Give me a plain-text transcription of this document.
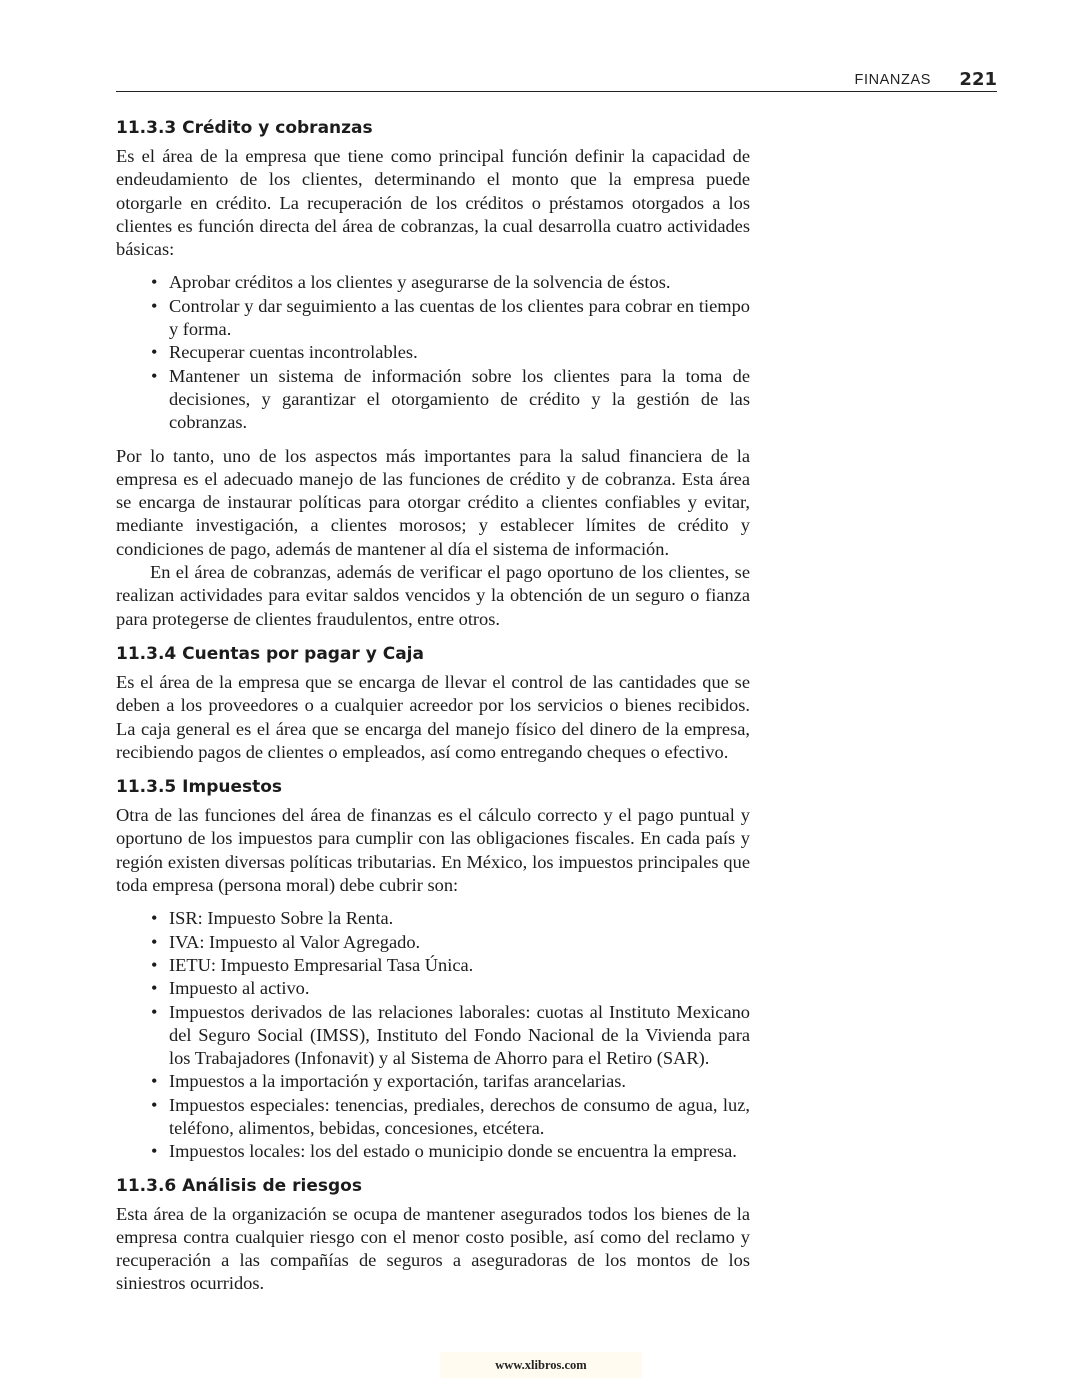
FINANZAS 221
11.3.3 Crédito y cobranzas

Es el área de la empresa que tiene como principal función definir la capacidad de endeudamiento de los clientes, determinando el monto que la empresa puede otorgarle en crédito. La recuperación de los créditos o préstamos otorgados a los clientes es función directa del área de cobranzas, la cual desarrolla cuatro actividades básicas:

• Aprobar créditos a los clientes y asegurarse de la solvencia de éstos.
• Controlar y dar seguimiento a las cuentas de los clientes para cobrar en tiempo y forma.
• Recuperar cuentas incontrolables.
• Mantener un sistema de información sobre los clientes para la toma de decisiones, y garantizar el otorgamiento de crédito y la gestión de las cobranzas.

Por lo tanto, uno de los aspectos más importantes para la salud financiera de la empresa es el adecuado manejo de las funciones de crédito y de cobranza. Esta área se encarga de instaurar políticas para otorgar crédito a clientes confiables y evitar, mediante investigación, a clientes morosos; y establecer límites de crédito y condiciones de pago, además de mantener al día el sistema de información.

En el área de cobranzas, además de verificar el pago oportuno de los clientes, se realizan actividades para evitar saldos vencidos y la obtención de un seguro o fianza para protegerse de clientes fraudulentos, entre otros.

11.3.4 Cuentas por pagar y Caja

Es el área de la empresa que se encarga de llevar el control de las cantidades que se deben a los proveedores o a cualquier acreedor por los servicios o bienes recibidos. La caja general es el área que se encarga del manejo físico del dinero de la empresa, recibiendo pagos de clientes o empleados, así como entregando cheques o efectivo.

11.3.5 Impuestos

Otra de las funciones del área de finanzas es el cálculo correcto y el pago puntual y oportuno de los impuestos para cumplir con las obligaciones fiscales. En cada país y región existen diversas políticas tributarias. En México, los impuestos principales que toda empresa (persona moral) debe cubrir son:

• ISR: Impuesto Sobre la Renta.
• IVA: Impuesto al Valor Agregado.
• IETU: Impuesto Empresarial Tasa Única.
• Impuesto al activo.
• Impuestos derivados de las relaciones laborales: cuotas al Instituto Mexicano del Seguro Social (IMSS), Instituto del Fondo Nacional de la Vivienda para los Trabajadores (Infonavit) y al Sistema de Ahorro para el Retiro (SAR).
• Impuestos a la importación y exportación, tarifas arancelarias.
• Impuestos especiales: tenencias, prediales, derechos de consumo de agua, luz, teléfono, alimentos, bebidas, concesiones, etcétera.
• Impuestos locales: los del estado o municipio donde se encuentra la empresa.
11.3.6 Análisis de riesgos

Esta área de la organización se ocupa de mantener asegurados todos los bienes de la empresa contra cualquier riesgo con el menor costo posible, así como del reclamo y recuperación a las compañías de seguros a aseguradoras de los montos de los siniestros ocurridos.

www.xlibros.com
